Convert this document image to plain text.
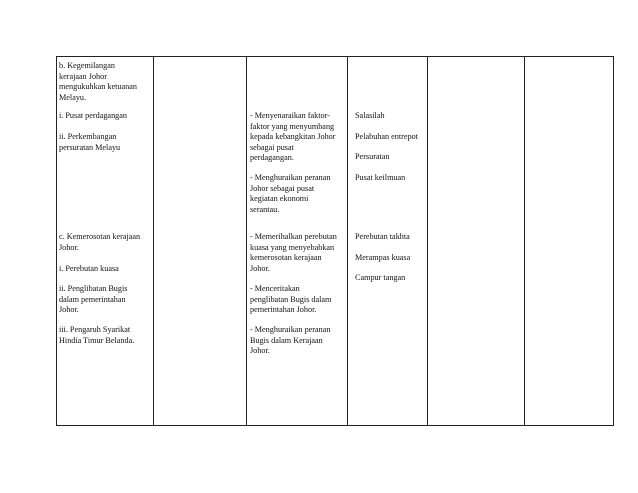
b. Kegemilangan
kerajaan Johor
mengukuhkan ketuanan
Melayu.

i. Pusat perdagangan

ii. Perkembangan
persuratan Melayu

- Menyenaraikan faktor-
faktor yang menyumbang
kepada kebangkitan Johor
sebagai pusat
perdagangan.

- Menghuraikan peranan
Johor sebagai pusat
kegiatan ekonomi
serantau.

Salasilah

Pelabuhan entrepot

Persuratan

Pusat keilmuan

c. Kemerosotan kerajaan
Johor.

i. Perebutan kuasa

ii. Penglibatan Bugis
dalam pemerintahan
Johor.

iii. Pengaruh Syarikat
Hindia Timur Belanda.

- Memerihalkan perebutan
kuasa yang menyebabkan
kemerosotan kerajaan
Johor.

- Menceritakan
penglibatan Bugis dalam
pemerintahan Johor.

- Menghuraikan peranan
Bugis dalam Kerajaan
Johor.

Perebutan takhta

Merampas kuasa

Campur tangan
